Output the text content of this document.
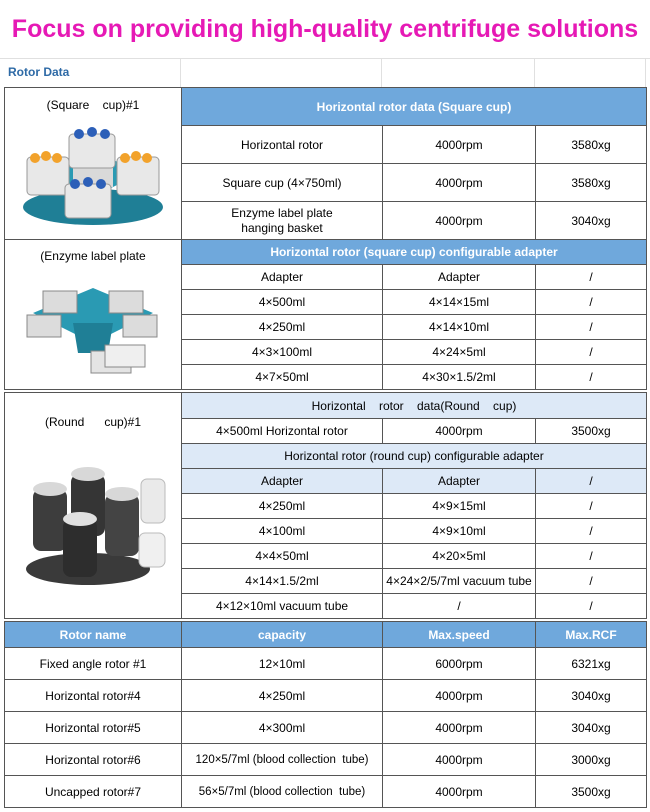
Focus on providing high-quality centrifuge solutions
Rotor Data
(Square    cup)#1	Horizontal rotor data (Square cup)		
	Horizontal rotor	4000rpm	3580xg
	Square cup (4×750ml)	4000rpm	3580xg
	Enzyme label plate
hanging basket	4000rpm	3040xg
(Enzyme label plate	Horizontal rotor (square cup) configurable adapter		
	Adapter	Adapter	/
	4×500ml	4×14×15ml	/
	4×250ml	4×14×10ml	/
	4×3×100ml	4×24×5ml	/
	4×7×50ml	4×30×1.5/2ml	/
(Round      cup)#1	Horizontal    rotor    data(Round    cup)		
	4×500ml Horizontal rotor	4000rpm	3500xg
	Horizontal rotor (round cup) configurable adapter		
	Adapter	Adapter	/
	4×250ml	4×9×15ml	/
	4×100ml	4×9×10ml	/
	4×4×50ml	4×20×5ml	/
	4×14×1.5/2ml	4×24×2/5/7ml vacuum tube	/
	4×12×10ml vacuum tube	/	/
Rotor name	capacity	Max.speed	Max.RCF
Fixed angle rotor #1	12×10ml	6000rpm	6321xg
Horizontal rotor#4	4×250ml	4000rpm	3040xg
Horizontal rotor#5	4×300ml	4000rpm	3040xg
Horizontal rotor#6	120×5/7ml (blood collection  tube)	4000rpm	3000xg
Uncapped rotor#7	56×5/7ml (blood collection  tube)	4000rpm	3500xg
